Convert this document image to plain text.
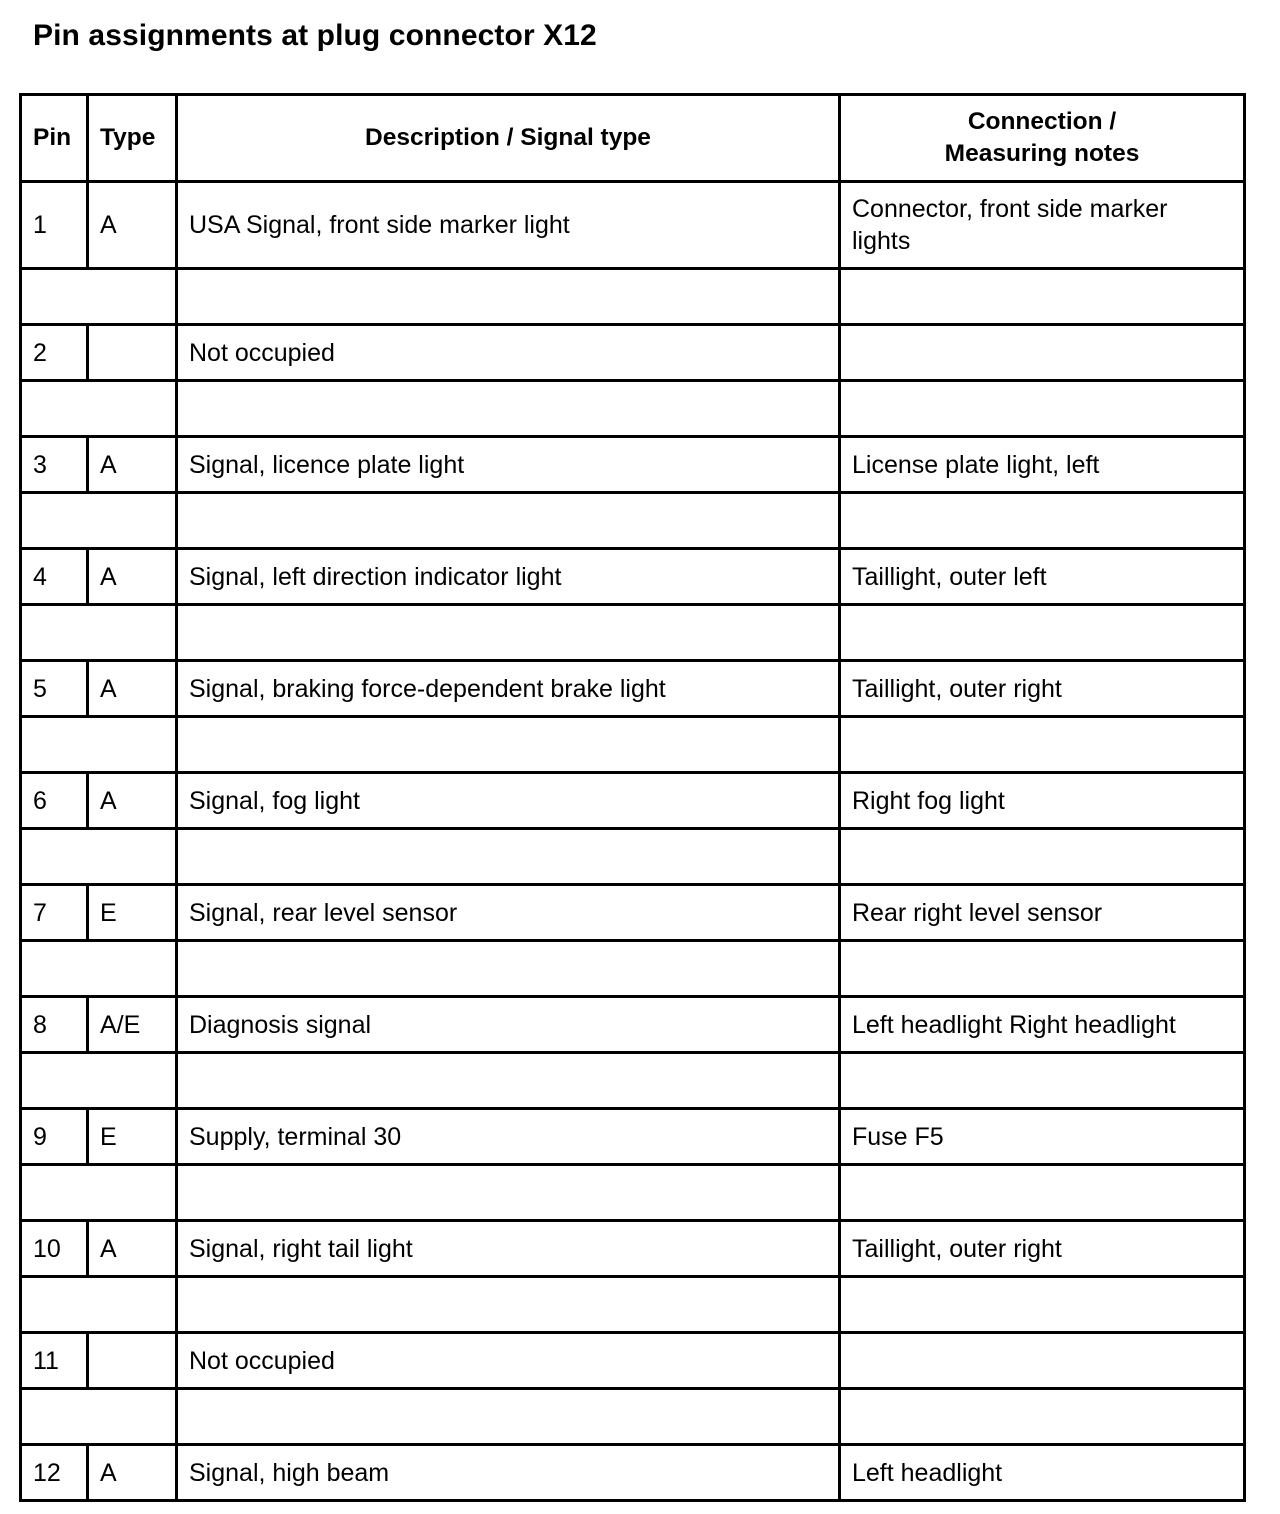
Pin assignments at plug connector X12
Pin	Type	Description / Signal type	Connection /
Measuring notes

1	A	USA Signal, front side marker light	Connector, front side marker lights

2		Not occupied	

3	A	Signal, licence plate light	License plate light, left

4	A	Signal, left direction indicator light	Taillight, outer left

5	A	Signal, braking force-dependent brake light	Taillight, outer right

6	A	Signal, fog light	Right fog light

7	E	Signal, rear level sensor	Rear right level sensor

8	A/E	Diagnosis signal	Left headlight Right headlight

9	E	Supply, terminal 30	Fuse F5

10	A	Signal, right tail light	Taillight, outer right

11		Not occupied	

12	A	Signal, high beam	Left headlight
